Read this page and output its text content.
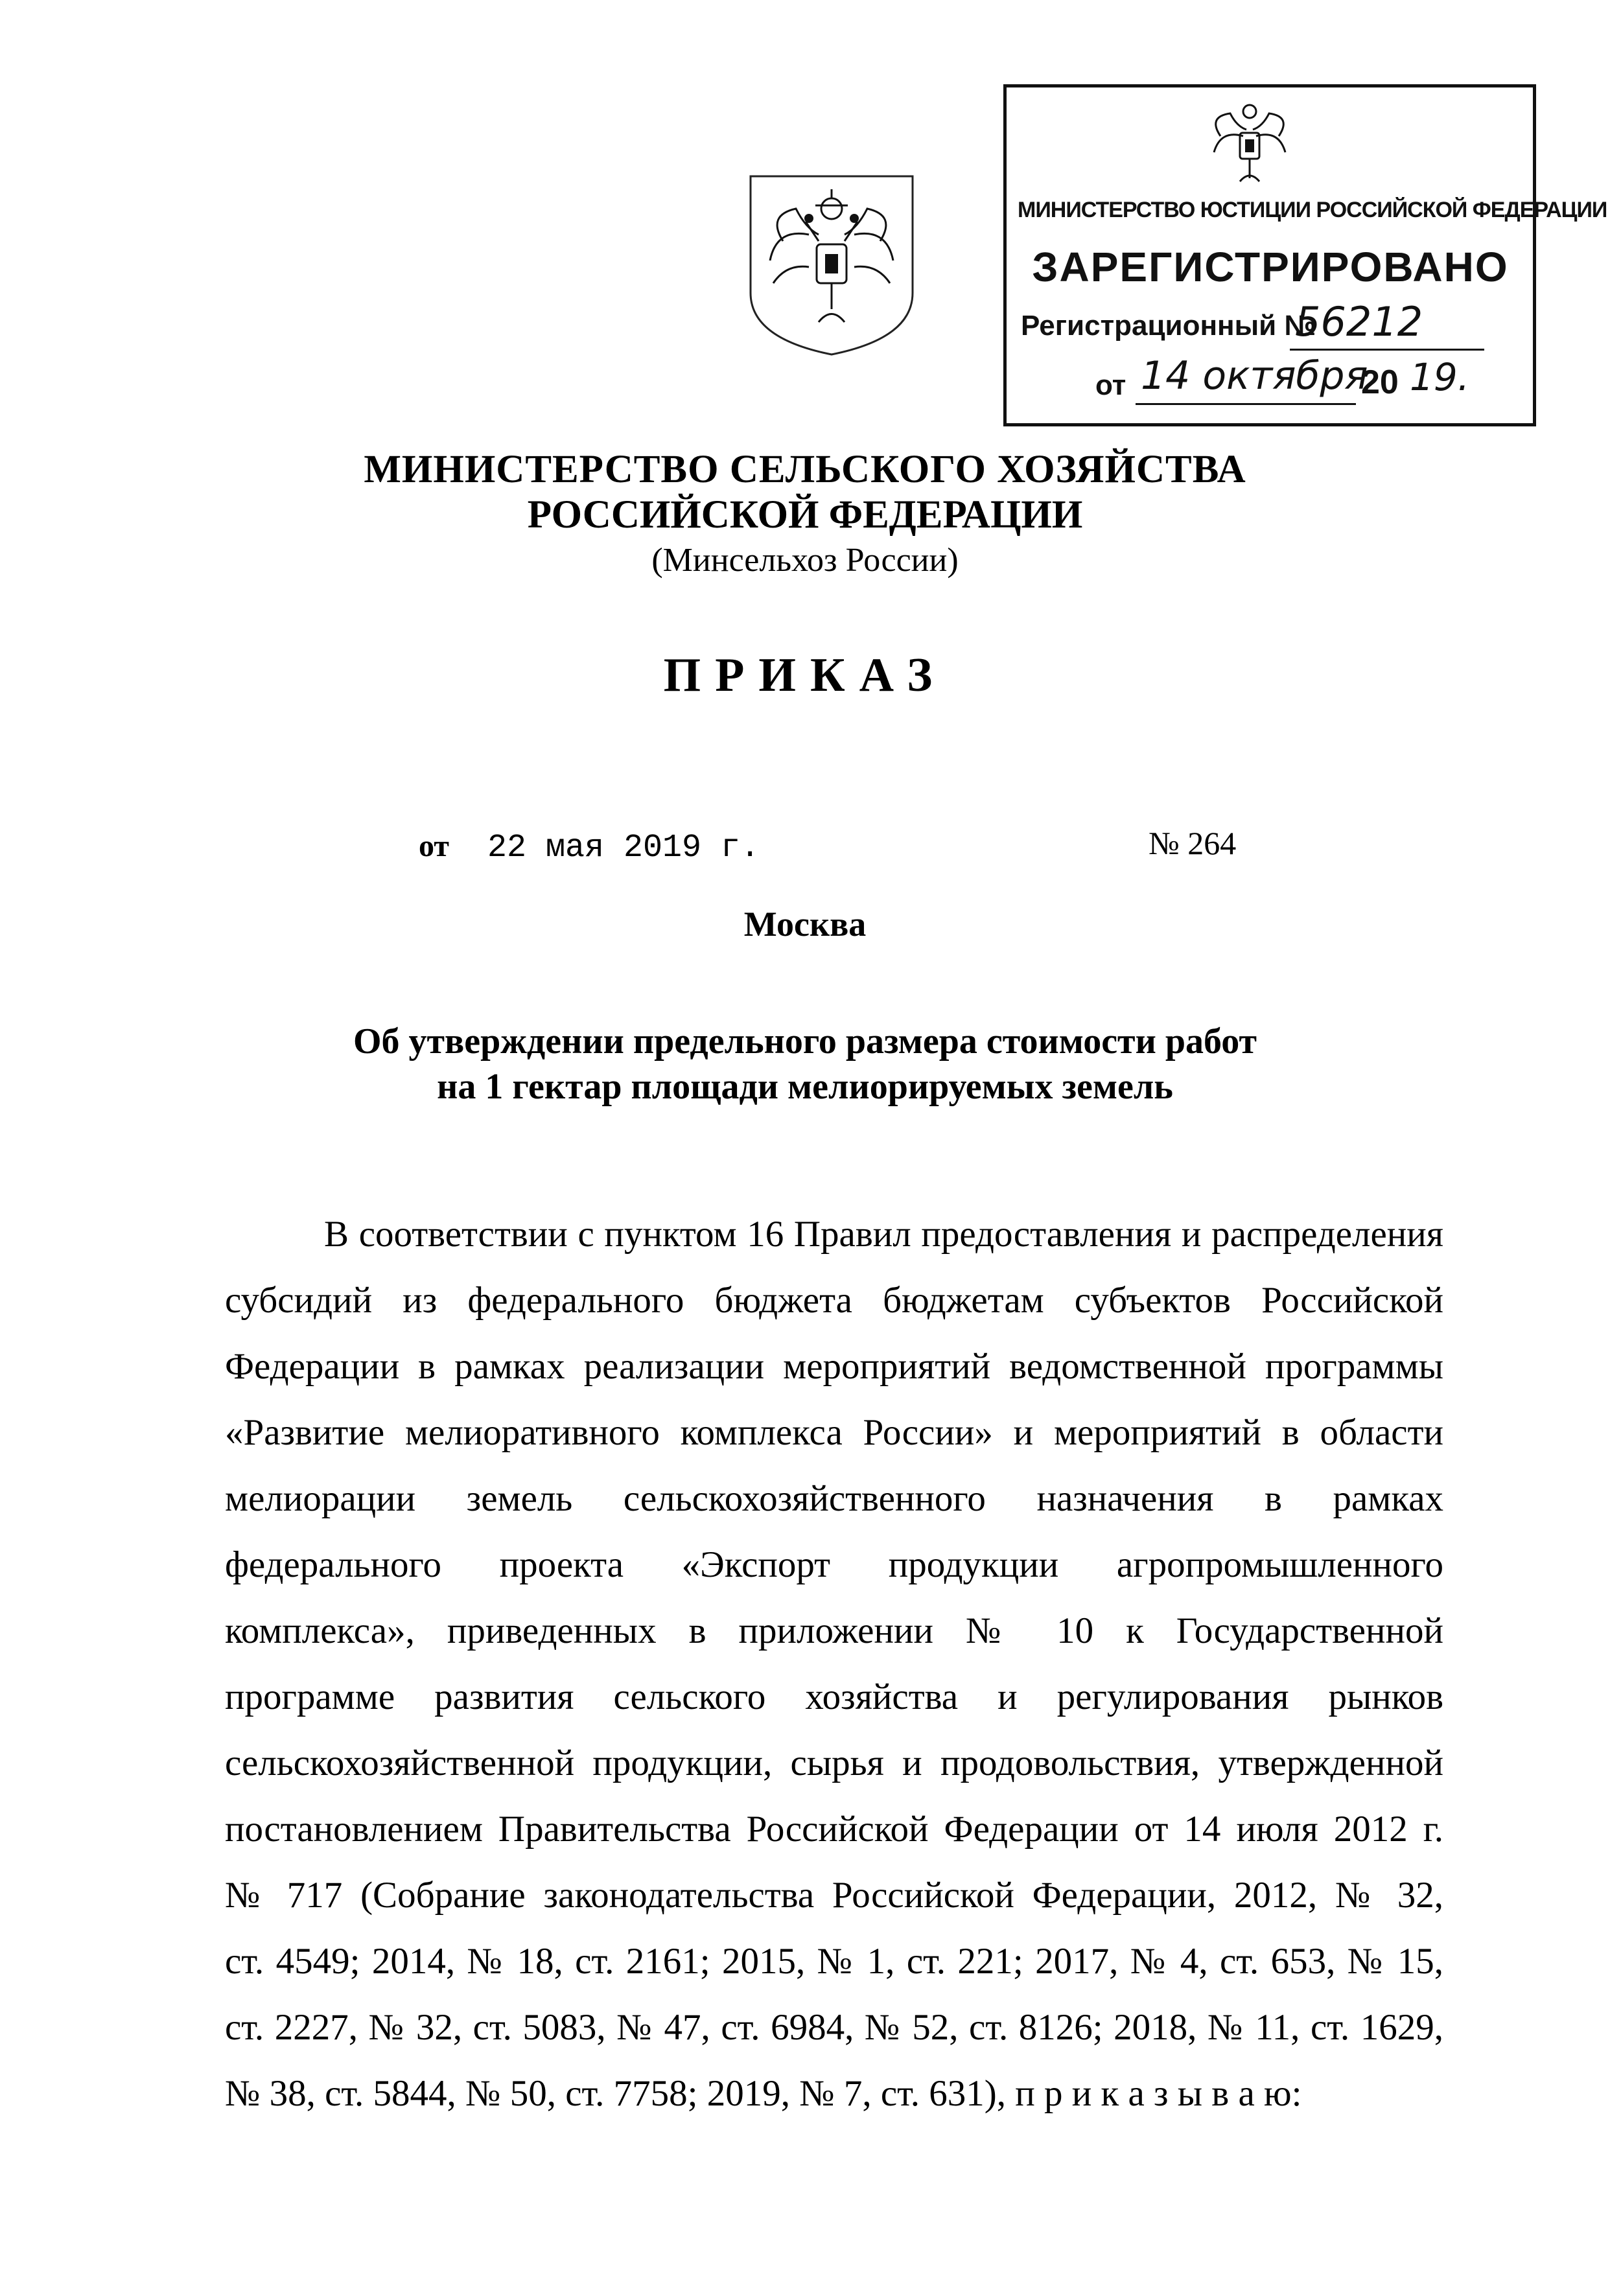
МИНИСТЕРСТВО ЮСТИЦИИ РОССИЙСКОЙ ФЕДЕРАЦИИ
ЗАРЕГИСТРИРОВАНО
Регистрационный №
56212
от 14 октября
20 19.
МИНИСТЕРСТВО СЕЛЬСКОГО ХОЗЯЙСТВА
РОССИЙСКОЙ ФЕДЕРАЦИИ
(Минсельхоз России)
ПРИКАЗ
от 22 мая 2019 г.	№ 264
Москва
Об утверждении предельного размера стоимости работ
на 1 гектар площади мелиорируемых земель
В соответствии с пунктом 16 Правил предоставления и распределения
субсидий из федерального бюджета бюджетам субъектов Российской
Федерации в рамках реализации мероприятий ведомственной программы
«Развитие мелиоративного комплекса России» и мероприятий в области
мелиорации земель сельскохозяйственного назначения в рамках
федерального проекта «Экспорт продукции агропромышленного
комплекса», приведенных в приложении № 10 к Государственной
программе развития сельского хозяйства и регулирования рынков
сельскохозяйственной продукции, сырья и продовольствия, утвержденной
постановлением Правительства Российской Федерации от 14 июля 2012 г.
№ 717 (Собрание законодательства Российской Федерации, 2012, № 32,
ст. 4549; 2014, № 18, ст. 2161; 2015, № 1, ст. 221; 2017, № 4, ст. 653, № 15,
ст. 2227, № 32, ст. 5083, № 47, ст. 6984, № 52, ст. 8126; 2018, № 11, ст. 1629,
№ 38, ст. 5844, № 50, ст. 7758; 2019, № 7, ст. 631), п р и к а з ы в а ю:
